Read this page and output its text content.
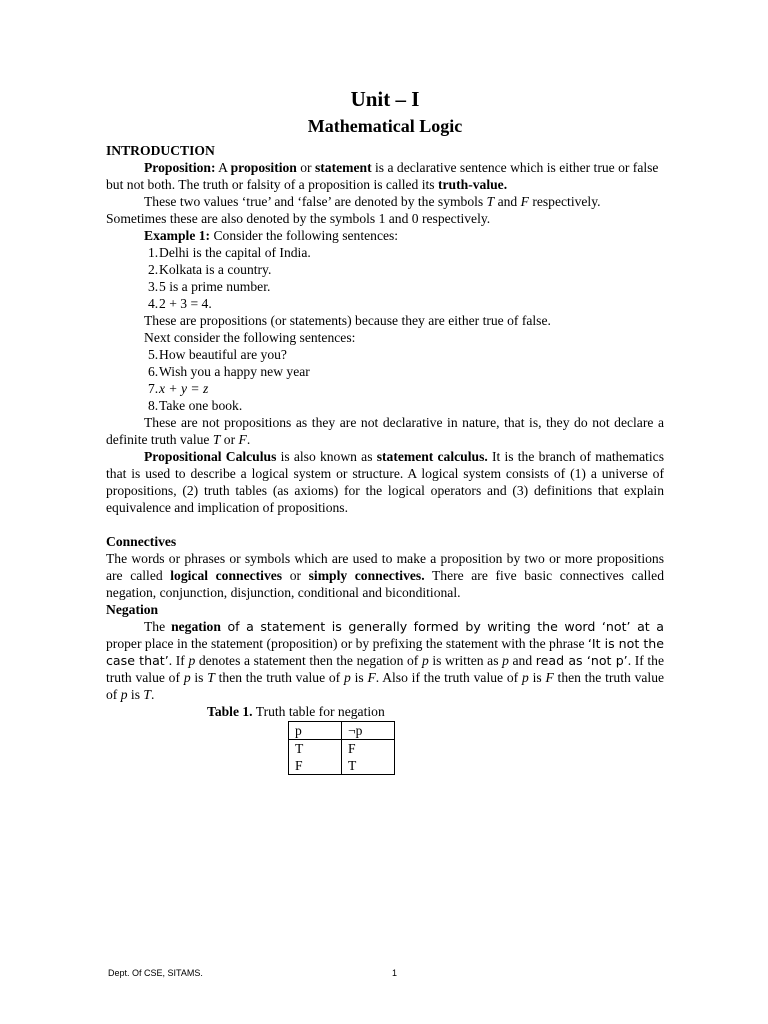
Unit – I
Mathematical Logic
INTRODUCTION

Proposition: A proposition or statement is a declarative sentence which is either true or false but not both. The truth or falsity of a proposition is called its truth-value.

These two values ‘true’ and ‘false’ are denoted by the symbols T and F respectively. Sometimes these are also denoted by the symbols 1 and 0 respectively.

Example 1: Consider the following sentences:

1.Delhi is the capital of India.
2.Kolkata is a country.
3.5 is a prime number.
4.2 + 3 = 4.

These are propositions (or statements) because they are either true of false.

Next consider the following sentences:

5.How beautiful are you?
6.Wish you a happy new year
7.x + y = z
8.Take one book.

These are not propositions as they are not declarative in nature, that is, they do not declare a definite truth value T or F.

Propositional Calculus is also known as statement calculus. It is the branch of mathematics that is used to describe a logical system or structure. A logical system consists of (1) a universe of propositions, (2) truth tables (as axioms) for the logical operators and (3) definitions that explain equivalence and implication of propositions.

Connectives

The words or phrases or symbols which are used to make a proposition by two or more propositions are called logical connectives or simply connectives. There are five basic connectives called negation, conjunction, disjunction, conditional and biconditional.

Negation

The negation of a statement is generally formed by writing the word ‘not’ at a proper place in the statement (proposition) or by prefixing the statement with the phrase ‘It is not the case that’. If p denotes a statement then the negation of p is written as p and read as ‘not p’. If the truth value of p is T then the truth value of p is F. Also if the truth value of p is F then the truth value of p is T.

Table 1. Truth table for negation

p	¬p
T	F
F	T
Dept. Of CSE, SITAMS.	1
